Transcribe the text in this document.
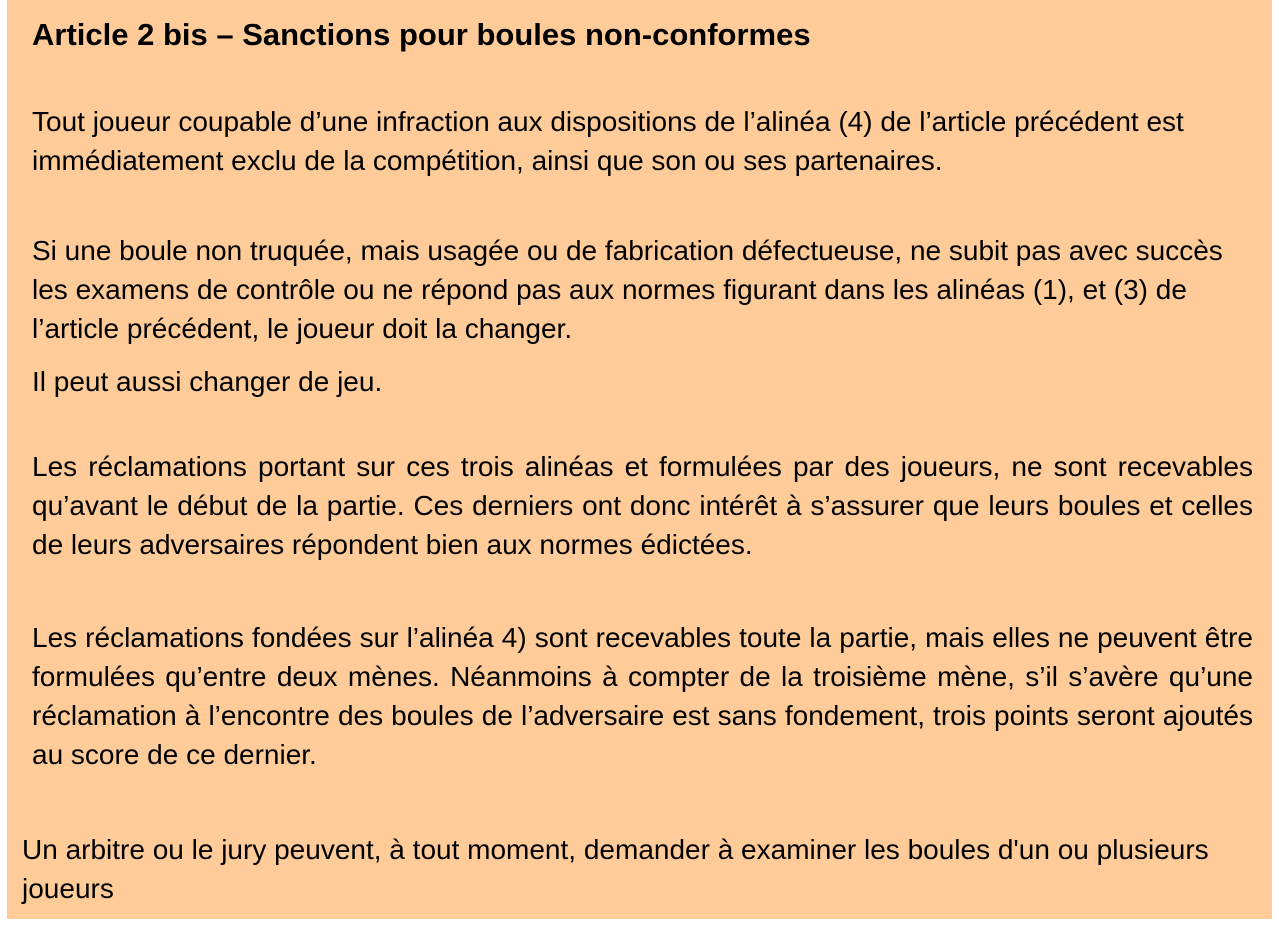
Article 2 bis – Sanctions pour boules non-conformes

Tout joueur coupable d’une infraction aux dispositions de l’alinéa (4) de l’article précédent est immédiatement exclu de la compétition, ainsi que son ou ses partenaires.

Si une boule non truquée, mais usagée ou de fabrication défectueuse, ne subit pas avec succès les examens de contrôle ou ne répond pas aux normes figurant dans les alinéas (1), et (3) de l’article précédent, le joueur doit la changer.

Il peut aussi changer de jeu.

Les réclamations portant sur ces trois alinéas et formulées par des joueurs, ne sont recevables qu’avant le début de la partie. Ces derniers ont donc intérêt à s’assurer que leurs boules et celles de leurs adversaires répondent bien aux normes édictées.

Les réclamations fondées sur l’alinéa 4) sont recevables toute la partie, mais elles ne peuvent être formulées qu’entre deux mènes. Néanmoins à compter de la troisième mène, s’il s’avère qu’une réclamation à l’encontre des boules de l’adversaire est sans fondement, trois points seront ajoutés au score de ce dernier.

Un arbitre ou le jury peuvent, à tout moment, demander à examiner les boules d'un ou plusieurs joueurs
